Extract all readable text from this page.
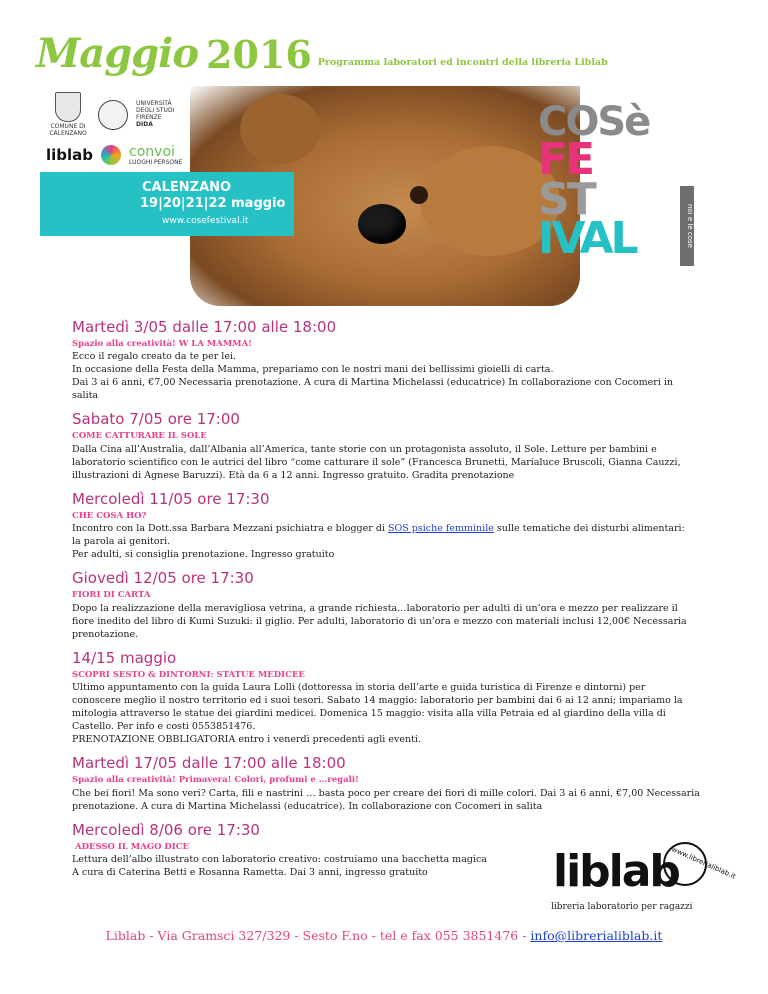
Maggio 2016 Programma laboratori ed incontri della libreria Liblab
COMUNE DI CALENZANO
UNIVERSITÀ DEGLI STUDI FIRENZE
DIDA
liblab	convoi
LUOGHI PERSONE
CALENZANO
19|20|21|22 maggio
www.cosefestival.it
COSè
FE
ST
IVAL	noi e le cose
Martedì 3/05 dalle 17:00 alle 18:00
Spazio alla creatività! W LA MAMMA!
Ecco il regalo creato da te per lei.
In occasione della Festa della Mamma, prepariamo con le nostri mani dei bellissimi gioielli di carta.
Dai 3 ai 6 anni, €7,00 Necessaria prenotazione. A cura di Martina Michelassi (educatrice) In collaborazione con Cocomeri in
salita
Sabato 7/05 ore 17:00
COME CATTURARE IL SOLE
Dalla Cina all’Australia, dall’Albania all’America, tante storie con un protagonista assoluto, il Sole. Letture per bambini e
laboratorio scientifico con le autrici del libro “come catturare il sole” (Francesca Brunetti, Marialuce Bruscoli, Gianna Cauzzi,
illustrazioni di Agnese Baruzzi). Età da 6 a 12 anni. Ingresso gratuito. Gradita prenotazione
Mercoledì 11/05 ore 17:30
CHE COSA HO?
Incontro con la Dott.ssa Barbara Mezzani psichiatra e blogger di SOS psiche femminile sulle tematiche dei disturbi alimentari:
la parola ai genitori.
Per adulti, si consiglia prenotazione. Ingresso gratuito
Giovedì 12/05 ore 17:30
FIORI DI CARTA
Dopo la realizzazione della meravigliosa vetrina, a grande richiesta…laboratorio per adulti di un’ora e mezzo per realizzare il
fiore inedito del libro di Kumi Suzuki: il giglio. Per adulti, laboratorio di un’ora e mezzo con materiali inclusi 12,00€ Necessaria
prenotazione.
14/15 maggio
SCOPRI SESTO & DINTORNI: STATUE MEDICEE
Ultimo appuntamento con la guida Laura Lolli (dottoressa in storia dell’arte e guida turistica di Firenze e dintorni) per
conoscere meglio il nostro territorio ed i suoi tesori. Sabato 14 maggio: laboratorio per bambini dai 6 ai 12 anni; impariamo la
mitologia attraverso le statue dei giardini medicei. Domenica 15 maggio: visita alla villa Petraia ed al giardino della villa di
Castello. Per info e costi 0553851476.
PRENOTAZIONE OBBLIGATORIA entro i venerdì precedenti agli eventi.
Martedì 17/05 dalle 17:00 alle 18:00
Spazio alla creatività! Primavera! Colori, profumi e …regali!
Che bei fiori! Ma sono veri? Carta, fili e nastrini … basta poco per creare dei fiori di mille colori. Dai 3 ai 6 anni, €7,00 Necessaria
prenotazione. A cura di Martina Michelassi (educatrice). In collaborazione con Cocomeri in salita
Mercoledì 8/06 ore 17:30
ADESSO IL MAGO DICE
Lettura dell’albo illustrato con laboratorio creativo: costruiamo una bacchetta magica
A cura di Caterina Betti e Rosanna Rametta. Dai 3 anni, ingresso gratuito	liblab
www.librerialiblab.it
libreria laboratorio per ragazzi
Liblab - Via Gramsci 327/329 - Sesto F.no - tel e fax 055 3851476 - info@librerialiblab.it
